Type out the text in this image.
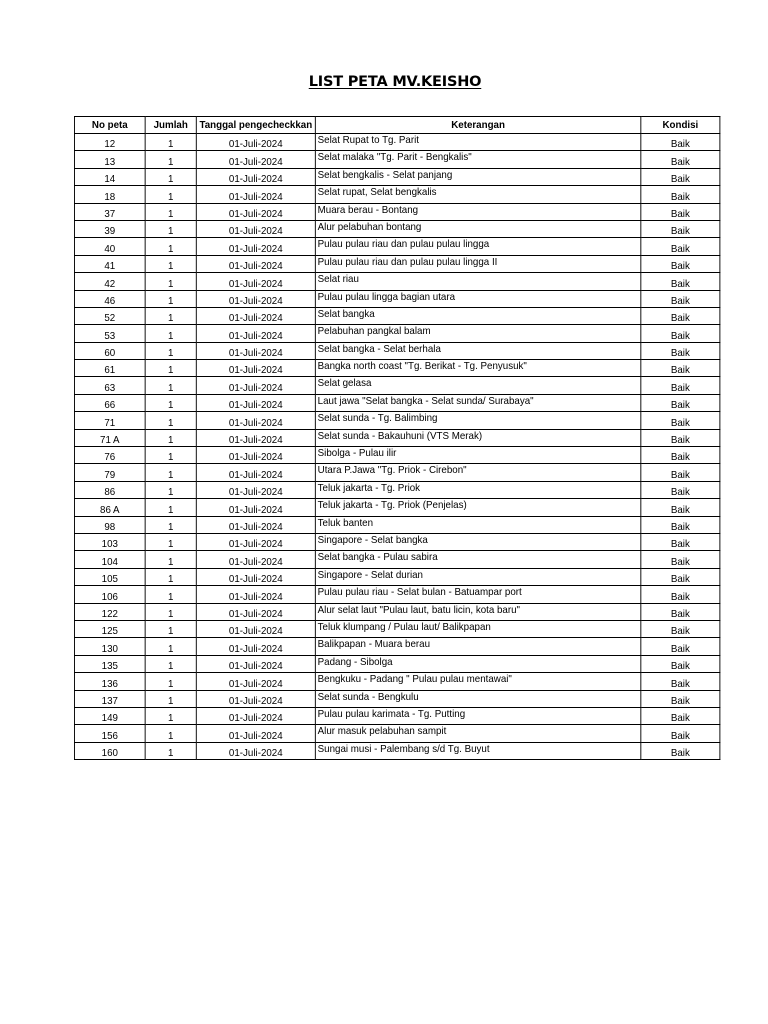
LIST PETA MV.KEISHO
No peta	Jumlah	Tanggal pengecheckkan	Keterangan	Kondisi
12	1	01-Juli-2024	Selat Rupat to Tg. Parit	Baik
13	1	01-Juli-2024	Selat malaka "Tg. Parit - Bengkalis"	Baik
14	1	01-Juli-2024	Selat bengkalis - Selat panjang	Baik
18	1	01-Juli-2024	Selat rupat, Selat bengkalis	Baik
37	1	01-Juli-2024	Muara berau - Bontang	Baik
39	1	01-Juli-2024	Alur pelabuhan bontang	Baik
40	1	01-Juli-2024	Pulau pulau riau dan pulau pulau lingga	Baik
41	1	01-Juli-2024	Pulau pulau riau dan pulau pulau lingga II	Baik
42	1	01-Juli-2024	Selat riau	Baik
46	1	01-Juli-2024	Pulau pulau lingga bagian utara	Baik
52	1	01-Juli-2024	Selat bangka	Baik
53	1	01-Juli-2024	Pelabuhan pangkal balam	Baik
60	1	01-Juli-2024	Selat bangka - Selat berhala	Baik
61	1	01-Juli-2024	Bangka north coast "Tg. Berikat - Tg. Penyusuk"	Baik
63	1	01-Juli-2024	Selat gelasa	Baik
66	1	01-Juli-2024	Laut jawa "Selat bangka - Selat sunda/ Surabaya"	Baik
71	1	01-Juli-2024	Selat sunda - Tg. Balimbing	Baik
71 A	1	01-Juli-2024	Selat sunda - Bakauhuni (VTS Merak)	Baik
76	1	01-Juli-2024	Sibolga - Pulau ilir	Baik
79	1	01-Juli-2024	Utara P.Jawa "Tg. Priok - Cirebon"	Baik
86	1	01-Juli-2024	Teluk jakarta - Tg. Priok	Baik
86 A	1	01-Juli-2024	Teluk jakarta - Tg. Priok (Penjelas)	Baik
98	1	01-Juli-2024	Teluk banten	Baik
103	1	01-Juli-2024	Singapore - Selat bangka	Baik
104	1	01-Juli-2024	Selat bangka - Pulau sabira	Baik
105	1	01-Juli-2024	Singapore - Selat durian	Baik
106	1	01-Juli-2024	Pulau pulau riau - Selat bulan - Batuampar port	Baik
122	1	01-Juli-2024	Alur selat laut "Pulau laut, batu licin, kota baru"	Baik
125	1	01-Juli-2024	Teluk klumpang / Pulau laut/ Balikpapan	Baik
130	1	01-Juli-2024	Balikpapan - Muara berau	Baik
135	1	01-Juli-2024	Padang - Sibolga	Baik
136	1	01-Juli-2024	Bengkuku - Padang " Pulau pulau mentawai"	Baik
137	1	01-Juli-2024	Selat sunda - Bengkulu	Baik
149	1	01-Juli-2024	Pulau pulau karimata - Tg. Putting	Baik
156	1	01-Juli-2024	Alur masuk pelabuhan sampit	Baik
160	1	01-Juli-2024	Sungai musi - Palembang s/d Tg. Buyut	Baik
